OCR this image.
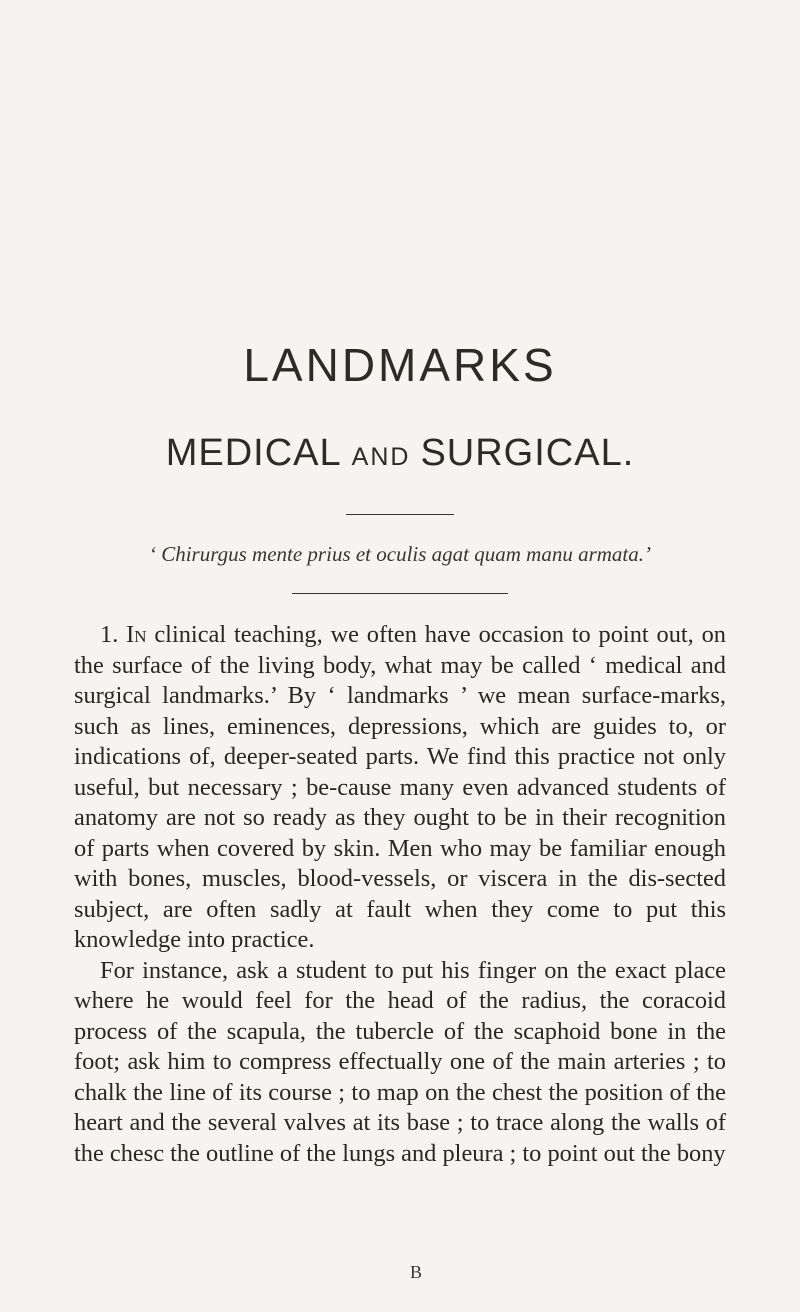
LANDMARKS
MEDICAL AND SURGICAL.

‘ Chirurgus mente prius et oculis agat quam manu armata.’

1. In clinical teaching, we often have occasion to point out, on the surface of the living body, what may be called ‘ medical and surgical landmarks.’ By ‘ landmarks ’ we mean surface-marks, such as lines, eminences, depressions, which are guides to, or indications of, deeper-seated parts. We find this practice not only useful, but necessary ; be-cause many even advanced students of anatomy are not so ready as they ought to be in their recognition of parts when covered by skin. Men who may be familiar enough with bones, muscles, blood-vessels, or viscera in the dis-sected subject, are often sadly at fault when they come to put this knowledge into practice.

For instance, ask a student to put his finger on the exact place where he would feel for the head of the radius, the coracoid process of the scapula, the tubercle of the scaphoid bone in the foot; ask him to compress effectually one of the main arteries ; to chalk the line of its course ; to map on the chest the position of the heart and the several valves at its base ; to trace along the walls of the chesc the outline of the lungs and pleura ; to point out the bony

B
